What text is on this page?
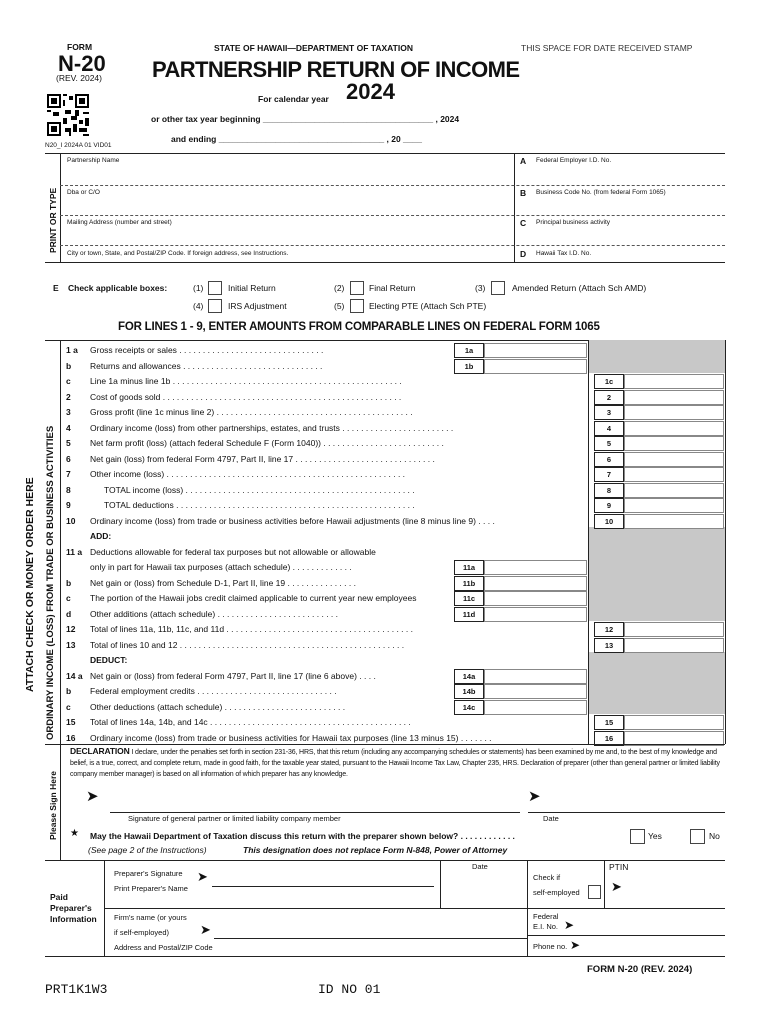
FORM
N-20
(REV. 2024)
STATE OF HAWAII—DEPARTMENT OF TAXATION	THIS SPACE FOR DATE RECEIVED STAMP
PARTNERSHIP RETURN OF INCOME
For calendar year 2024
or other tax year beginning ____________________________________ , 2024
and ending ___________________________________ , 20 ____
N20_I 2024A 01 VID01
PRINT OR TYPE
Partnership Name
Dba or C/O
Mailing Address (number and street)
City or town, State, and Postal/ZIP Code. If foreign address, see Instructions.
A Federal Employer I.D. No.
B Business Code No. (from federal Form 1065)
C Principal business activity
D Hawaii Tax I.D. No.
E Check applicable boxes:	(1)	Initial Return	(2)	Final Return	(3)	Amended Return (Attach Sch AMD)
(4)	IRS Adjustment	(5)	Electing PTE (Attach Sch PTE)
FOR LINES 1 - 9, ENTER AMOUNTS FROM COMPARABLE LINES ON FEDERAL FORM 1065
ORDINARY INCOME (LOSS) FROM TRADE OR BUSINESS ACTIVITIES
ATTACH CHECK OR MONEY ORDER HERE
1 a Gross receipts or sales . . . . . . . . . . . . . . . . . . . . . . . . . . . . . . .	1a
b Returns and allowances . . . . . . . . . . . . . . . . . . . . . . . . . . . . . .	1b
c Line 1a minus line 1b . . . . . . . . . . . . . . . . . . . . . . . . . . . . . . . . . . . . . . . . . . . . . . . . .	1c
2 Cost of goods sold . . . . . . . . . . . . . . . . . . . . . . . . . . . . . . . . . . . . . . . . . . . . . . . . . . .	2
3 Gross profit (line 1c minus line 2) . . . . . . . . . . . . . . . . . . . . . . . . . . . . . . . . . . . . . . . . . .	3
4 Ordinary income (loss) from other partnerships, estates, and trusts . . . . . . . . . . . . . . . . . . . . . . . .	4
5 Net farm profit (loss) (attach federal Schedule F (Form 1040)) . . . . . . . . . . . . . . . . . . . . . . . . . .	5
6 Net gain (loss) from federal Form 4797, Part II, line 17 . . . . . . . . . . . . . . . . . . . . . . . . . . . . . .	6
7 Other income (loss) . . . . . . . . . . . . . . . . . . . . . . . . . . . . . . . . . . . . . . . . . . . . . . . . . . .	7
8	TOTAL income (loss) . . . . . . . . . . . . . . . . . . . . . . . . . . . . . . . . . . . . . . . . . . . . . . . . .	8
9	TOTAL deductions . . . . . . . . . . . . . . . . . . . . . . . . . . . . . . . . . . . . . . . . . . . . . . . . . . .	9
10 Ordinary income (loss) from trade or business activities before Hawaii adjustments (line 8 minus line 9) . . . .	10
ADD:
11 a Deductions allowable for federal tax purposes but not allowable or allowable
only in part for Hawaii tax purposes (attach schedule) . . . . . . . . . . . . .	11a
b Net gain or (loss) from Schedule D-1, Part II, line 19 . . . . . . . . . . . . . . .	11b
c The portion of the Hawaii jobs credit claimed applicable to current year new employees	11c
d Other additions (attach schedule) . . . . . . . . . . . . . . . . . . . . . . . . . .	11d
12 Total of lines 11a, 11b, 11c, and 11d . . . . . . . . . . . . . . . . . . . . . . . . . . . . . . . . . . . . . . . .	12
13 Total of lines 10 and 12 . . . . . . . . . . . . . . . . . . . . . . . . . . . . . . . . . . . . . . . . . . . . . . . .	13
DEDUCT:
14 a Net gain or (loss) from federal Form 4797, Part II, line 17 (line 6 above) . . . .	14a
b Federal employment credits . . . . . . . . . . . . . . . . . . . . . . . . . . . . . .	14b
c Other deductions (attach schedule) . . . . . . . . . . . . . . . . . . . . . . . . . .	14c
15 Total of lines 14a, 14b, and 14c . . . . . . . . . . . . . . . . . . . . . . . . . . . . . . . . . . . . . . . . . . .	15
16 Ordinary income (loss) from trade or business activities for Hawaii tax purposes (line 13 minus 15) . . . . . . .	16
Please Sign Here
DECLARATION I declare, under the penalties set forth in section 231-36, HRS, that this return (including any accompanying schedules or statements) has been examined by me and, to the best of my knowledge and belief, is a true, correct, and complete return, made in good faith, for the taxable year stated, pursuant to the Hawaii Income Tax Law, Chapter 235, HRS. Declaration of preparer (other than general partner or limited liability company member manager) is based on all information of which preparer has any knowledge.
➤
Signature of general partner or limited liability company member
➤
Date
★ May the Hawaii Department of Taxation discuss this return with the preparer shown below? . . . . . . . . . . . .	Yes	No
(See page 2 of the Instructions)	This designation does not replace Form N-848, Power of Attorney
Paid
Preparer's
Information
Preparer's Signature
Print Preparer's Name
➤
Date
Check if
self-employed
PTIN
➤
Firm's name (or yours
if self-employed) ➤
Address and Postal/ZIP Code
Federal
E.I. No. ➤
Phone no. ➤
FORM N-20 (REV. 2024)
PRT1K1W3	ID NO 01
